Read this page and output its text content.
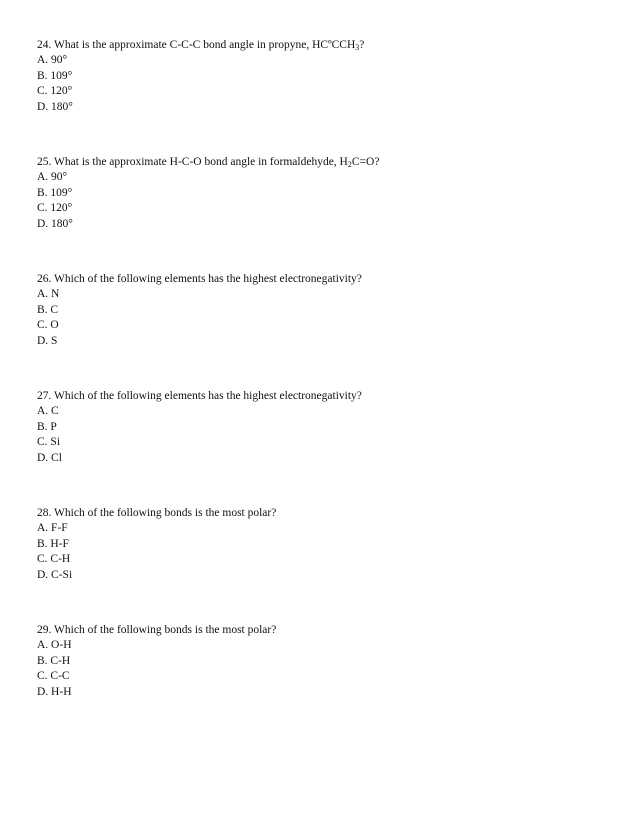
24. What is the approximate C-C-C bond angle in propyne, HCºCCH$_3$?
A. 90°
B. 109°
C. 120°
D. 180°
25. What is the approximate H-C-O bond angle in formaldehyde, $H_2C=O$?
A. 90°
B. 109°
C. 120°
D. 180°
26. Which of the following elements has the highest electronegativity?
A. N
B. C
C. O
D. S
27. Which of the following elements has the highest electronegativity?
A. C
B. P
C. Si
D. Cl
28. Which of the following bonds is the most polar?
A. F-F
B. H-F
C. C-H
D. C-Si
29. Which of the following bonds is the most polar?
A. O-H
B. C-H
C. C-C
D. H-H
